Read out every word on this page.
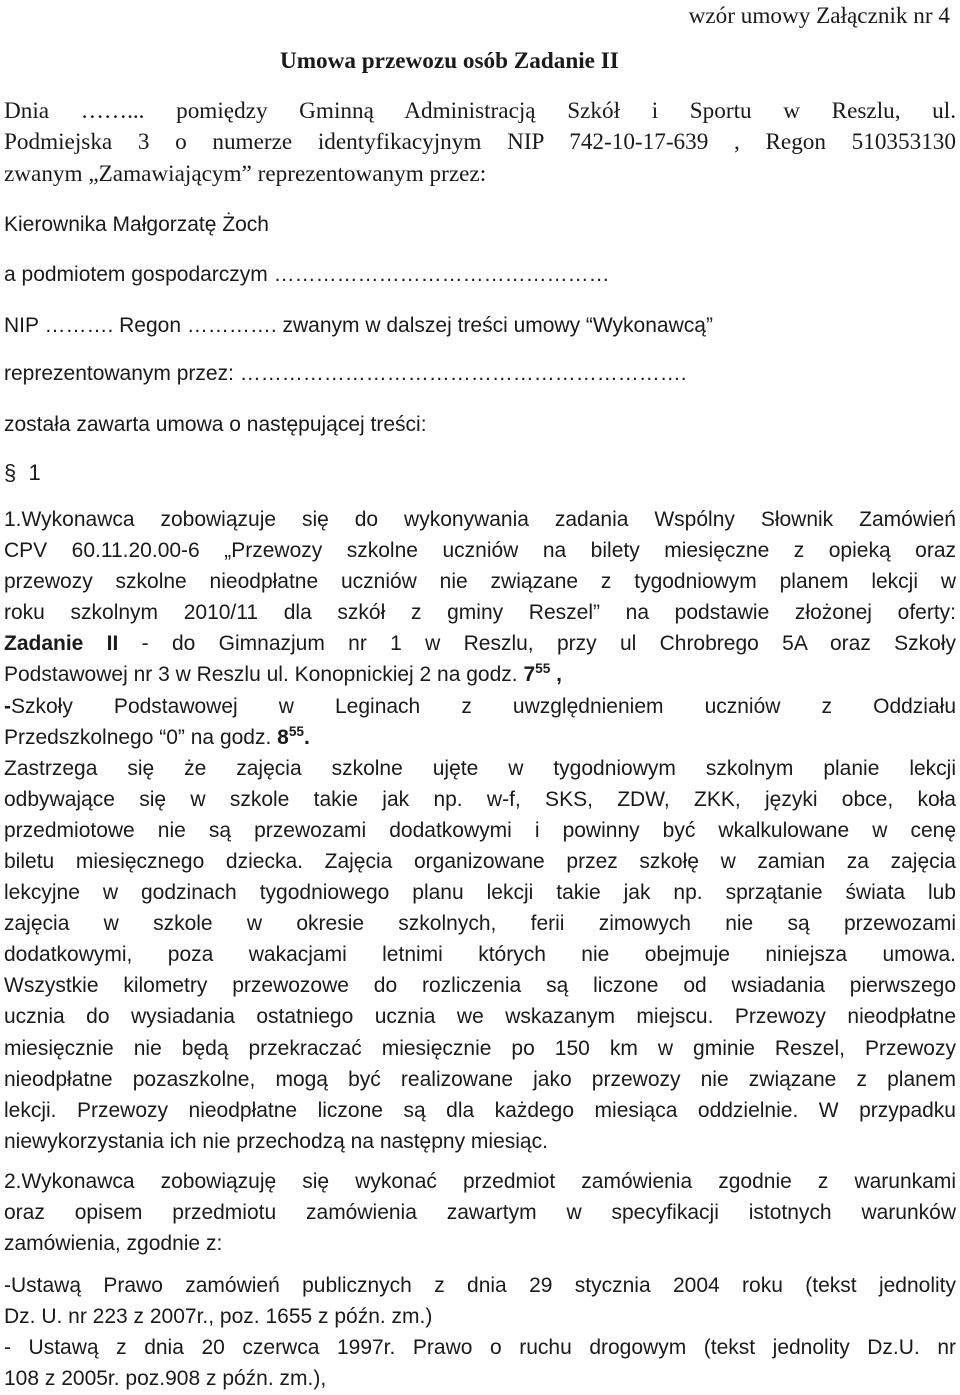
wzór umowy Załącznik nr 4
Umowa przewozu osób Zadanie II
Dnia ……... pomiędzy Gminną Administracją Szkół i Sportu w Reszlu, ul.
Podmiejska 3 o numerze identyfikacyjnym NIP 742-10-17-639 , Regon 510353130
zwanym „Zamawiającym” reprezentowanym przez:
Kierownika Małgorzatę Żoch
a podmiotem gospodarczym …………………………………………
NIP ………. Regon …………. zwanym w dalszej treści umowy “Wykonawcą”
reprezentowanym przez: ……………………………………………………….
została zawarta umowa o następującej treści:
§ 1
1.Wykonawca zobowiązuje się do wykonywania zadania Wspólny Słownik Zamówień
CPV 60.11.20.00-6 „Przewozy szkolne uczniów na bilety miesięczne z opieką oraz
przewozy szkolne nieodpłatne uczniów nie związane z tygodniowym planem lekcji w
roku szkolnym 2010/11 dla szkół z gminy Reszel” na podstawie złożonej oferty:
Zadanie II - do Gimnazjum nr 1 w Reszlu, przy ul Chrobrego 5A oraz Szkoły
Podstawowej nr 3 w Reszlu ul. Konopnickiej 2 na godz. $7^{55}$ ,
-Szkoły Podstawowej w Leginach z uwzględnieniem uczniów z Oddziału
Przedszkolnego “0” na godz. $8^{55}$.
Zastrzega się że zajęcia szkolne ujęte w tygodniowym szkolnym planie lekcji
odbywające się w szkole takie jak np. w-f, SKS, ZDW, ZKK, języki obce, koła
przedmiotowe nie są przewozami dodatkowymi i powinny być wkalkulowane w cenę
biletu miesięcznego dziecka. Zajęcia organizowane przez szkołę w zamian za zajęcia
lekcyjne w godzinach tygodniowego planu lekcji takie jak np. sprzątanie świata lub
zajęcia w szkole w okresie szkolnych, ferii zimowych nie są przewozami
dodatkowymi, poza wakacjami letnimi których nie obejmuje niniejsza umowa.
Wszystkie kilometry przewozowe do rozliczenia są liczone od wsiadania pierwszego
ucznia do wysiadania ostatniego ucznia we wskazanym miejscu. Przewozy nieodpłatne
miesięcznie nie będą przekraczać miesięcznie po 150 km w gminie Reszel, Przewozy
nieodpłatne pozaszkolne, mogą być realizowane jako przewozy nie związane z planem
lekcji. Przewozy nieodpłatne liczone są dla każdego miesiąca oddzielnie. W przypadku
niewykorzystania ich nie przechodzą na następny miesiąc.
2.Wykonawca zobowiązuję się wykonać przedmiot zamówienia zgodnie z warunkami
oraz opisem przedmiotu zamówienia zawartym w specyfikacji istotnych warunków
zamówienia, zgodnie z:
-Ustawą Prawo zamówień publicznych z dnia 29 stycznia 2004 roku (tekst jednolity
Dz. U. nr 223 z 2007r., poz. 1655 z późn. zm.)
- Ustawą z dnia 20 czerwca 1997r. Prawo o ruchu drogowym (tekst jednolity Dz.U. nr
108 z 2005r. poz.908 z późn. zm.),
